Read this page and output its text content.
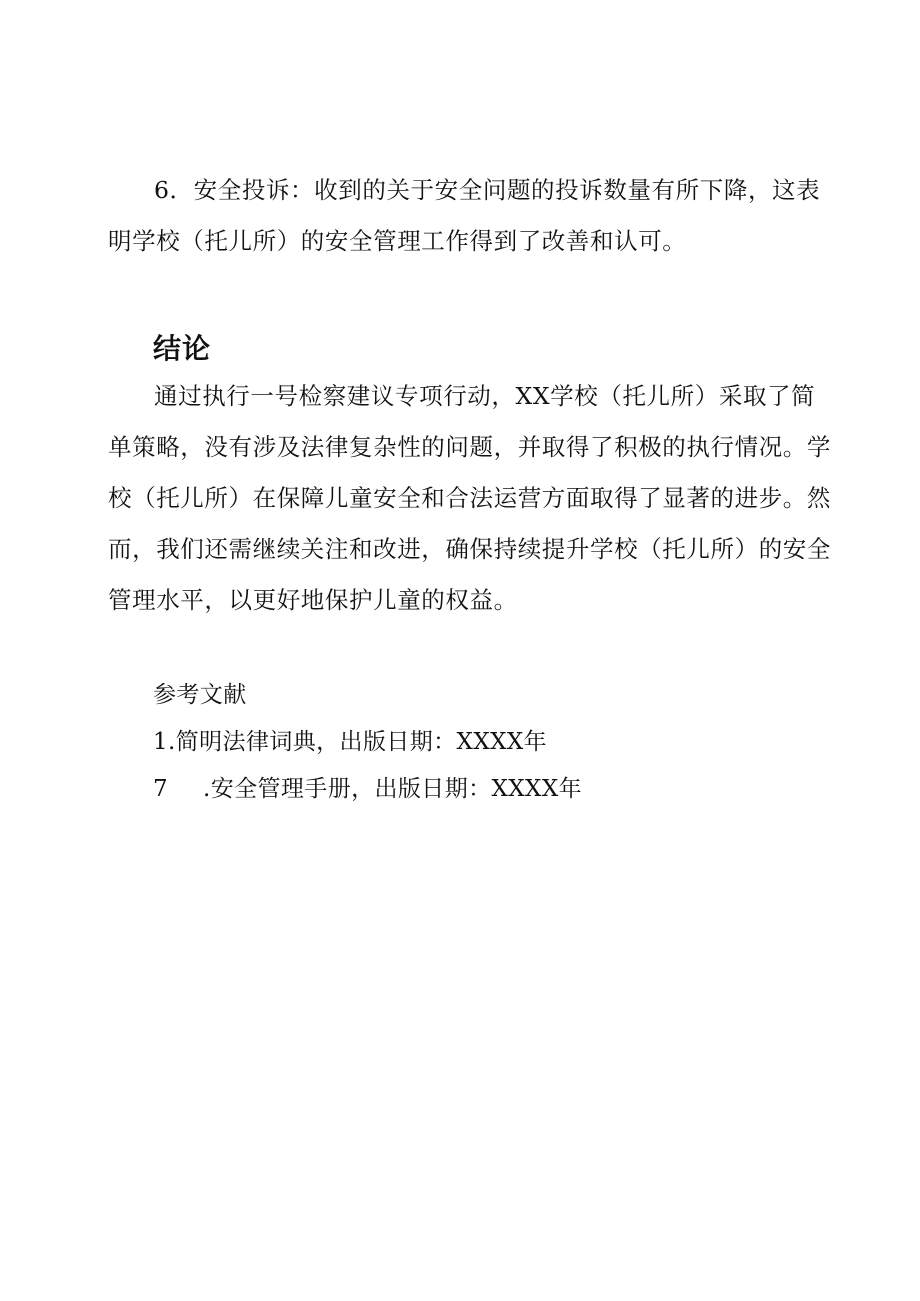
6．安全投诉：收到的关于安全问题的投诉数量有所下降，这表
明学校（托儿所）的安全管理工作得到了改善和认可。
结论
通过执行一号检察建议专项行动，XX学校（托儿所）采取了简
单策略，没有涉及法律复杂性的问题，并取得了积极的执行情况。学
校（托儿所）在保障儿童安全和合法运营方面取得了显著的进步。然
而，我们还需继续关注和改进，确保持续提升学校（托儿所）的安全
管理水平，以更好地保护儿童的权益。

参考文献

1.简明法律词典，出版日期：XXXX年

7 .安全管理手册，出版日期：XXXX年
